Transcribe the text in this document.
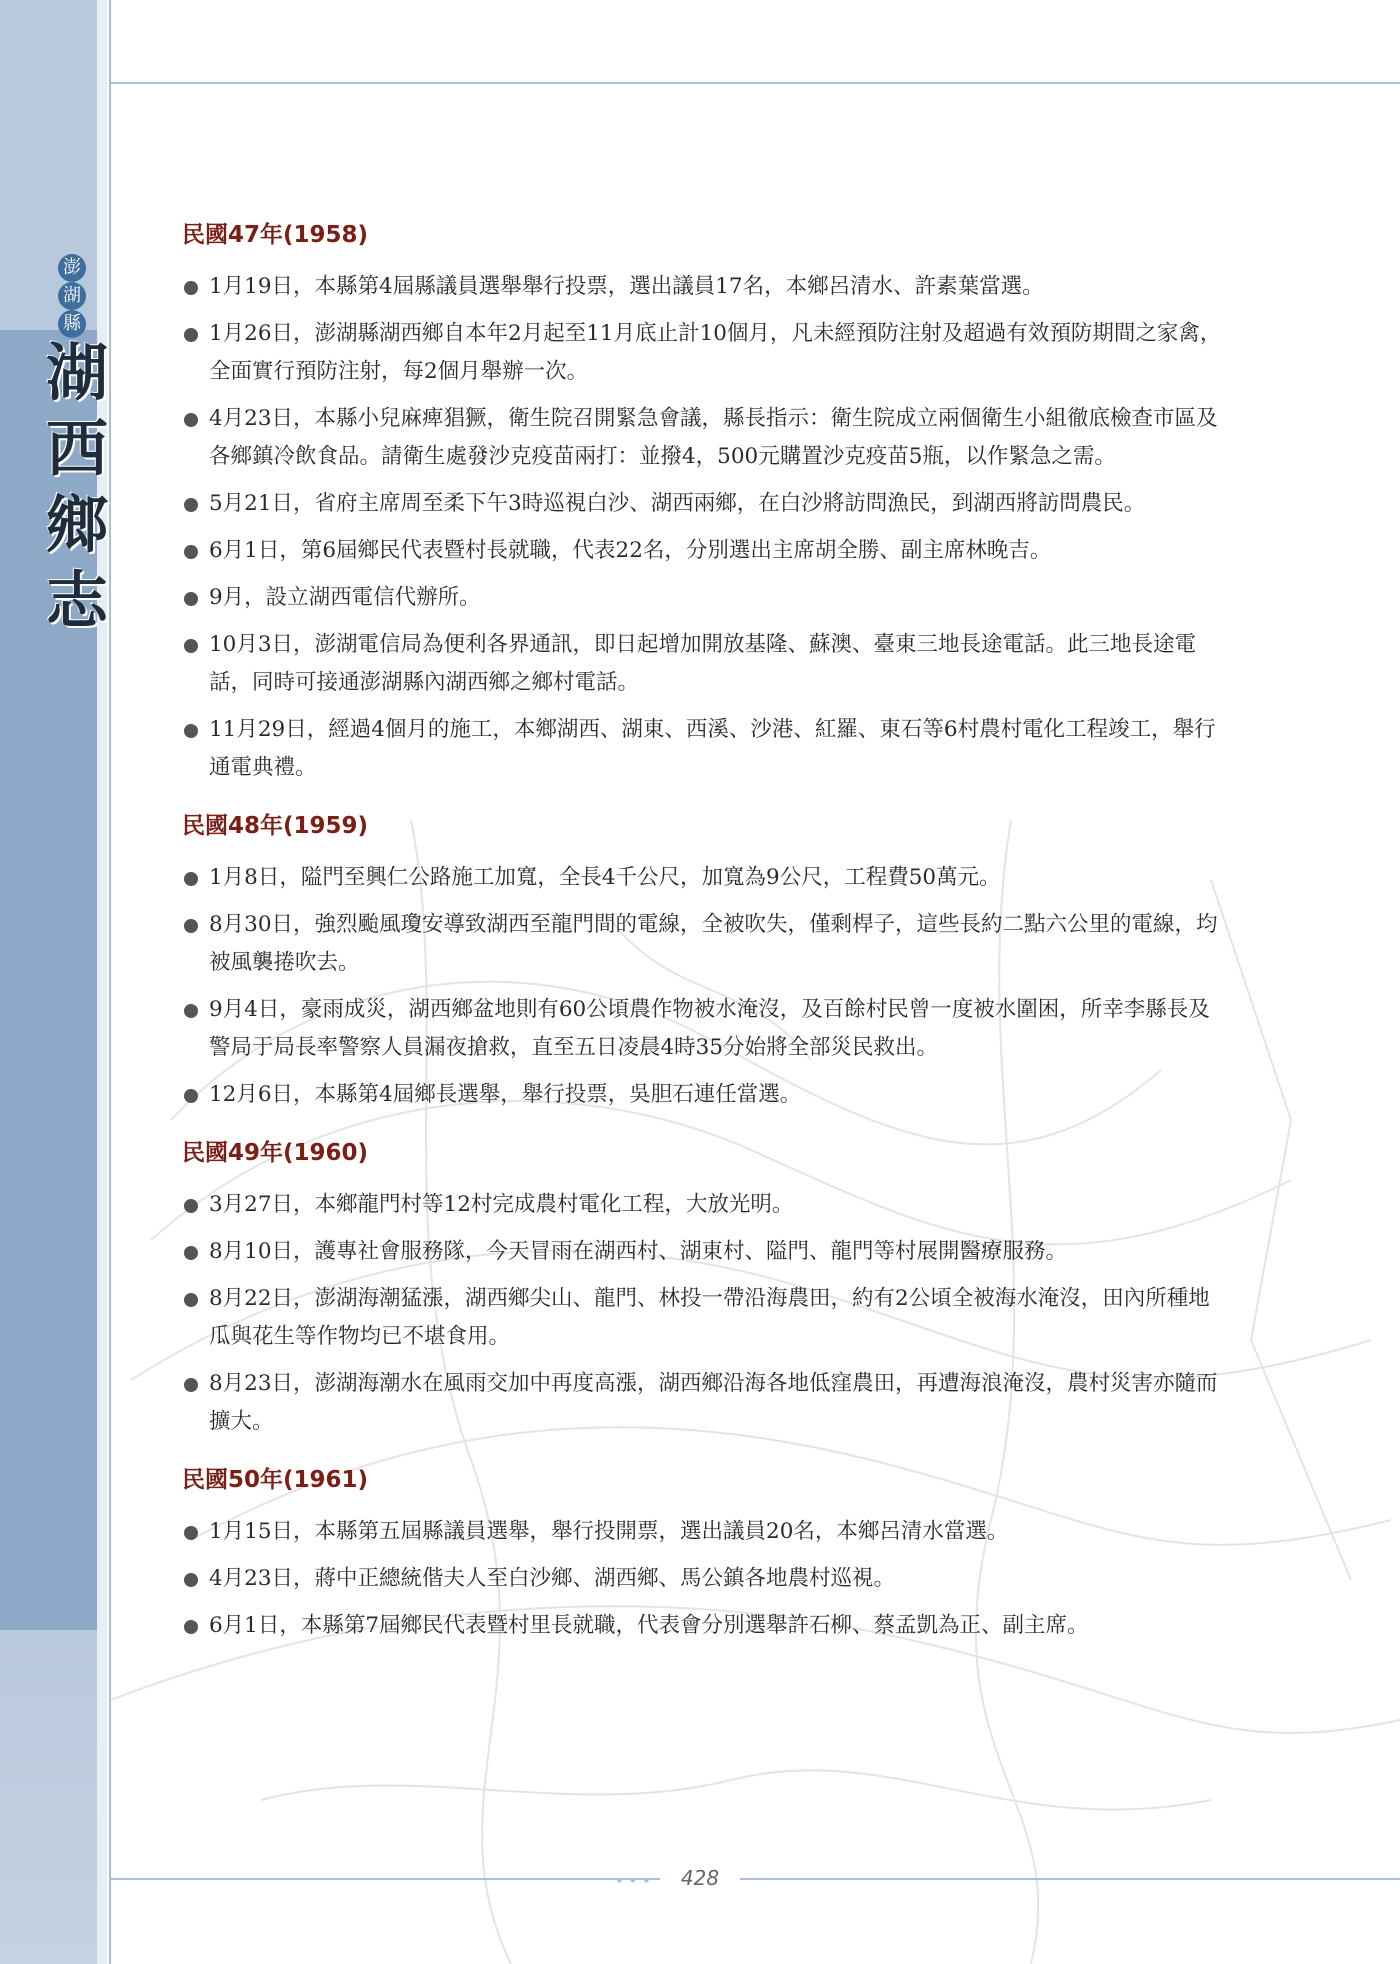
澎
湖
縣
湖
西
鄉
志
民國47年(1958)
1月19日，本縣第4屆縣議員選舉舉行投票，選出議員17名，本鄉呂清水、許素葉當選。
1月26日，澎湖縣湖西鄉自本年2月起至11月底止計10個月，凡未經預防注射及超過有效預防期間之家禽，全面實行預防注射，每2個月舉辦一次。
4月23日，本縣小兒麻痺猖獗，衛生院召開緊急會議，縣長指示：衛生院成立兩個衛生小組徹底檢查市區及各鄉鎮冷飲食品。請衛生處發沙克疫苗兩打：並撥4，500元購置沙克疫苗5瓶，以作緊急之需。
5月21日，省府主席周至柔下午3時巡視白沙、湖西兩鄉，在白沙將訪問漁民，到湖西將訪問農民。
6月1日，第6屆鄉民代表暨村長就職，代表22名，分別選出主席胡全勝、副主席林晚吉。
9月，設立湖西電信代辦所。
10月3日，澎湖電信局為便利各界通訊，即日起增加開放基隆、蘇澳、臺東三地長途電話。此三地長途電話，同時可接通澎湖縣內湖西鄉之鄉村電話。
11月29日，經過4個月的施工，本鄉湖西、湖東、西溪、沙港、紅羅、東石等6村農村電化工程竣工，舉行通電典禮。
民國48年(1959)
1月8日，隘門至興仁公路施工加寬，全長4千公尺，加寬為9公尺，工程費50萬元。
8月30日，強烈颱風瓊安導致湖西至龍門間的電線，全被吹失，僅剩桿子，這些長約二點六公里的電線，均被風襲捲吹去。
9月4日，豪雨成災，湖西鄉盆地則有60公頃農作物被水淹沒，及百餘村民曾一度被水圍困，所幸李縣長及警局于局長率警察人員漏夜搶救，直至五日凌晨4時35分始將全部災民救出。
12月6日，本縣第4屆鄉長選舉，舉行投票，吳胆石連任當選。
民國49年(1960)
3月27日，本鄉龍門村等12村完成農村電化工程，大放光明。
8月10日，護專社會服務隊，今天冒雨在湖西村、湖東村、隘門、龍門等村展開醫療服務。
8月22日，澎湖海潮猛漲，湖西鄉尖山、龍門、林投一帶沿海農田，約有2公頃全被海水淹沒，田內所種地瓜與花生等作物均已不堪食用。
8月23日，澎湖海潮水在風雨交加中再度高漲，湖西鄉沿海各地低窪農田，再遭海浪淹沒，農村災害亦隨而擴大。
民國50年(1961)
1月15日，本縣第五屆縣議員選舉，舉行投開票，選出議員20名，本鄉呂清水當選。
4月23日，蔣中正總統偕夫人至白沙鄉、湖西鄉、馬公鎮各地農村巡視。
6月1日，本縣第7屆鄉民代表暨村里長就職，代表會分別選舉許石柳、蔡孟凱為正、副主席。
•••	428
